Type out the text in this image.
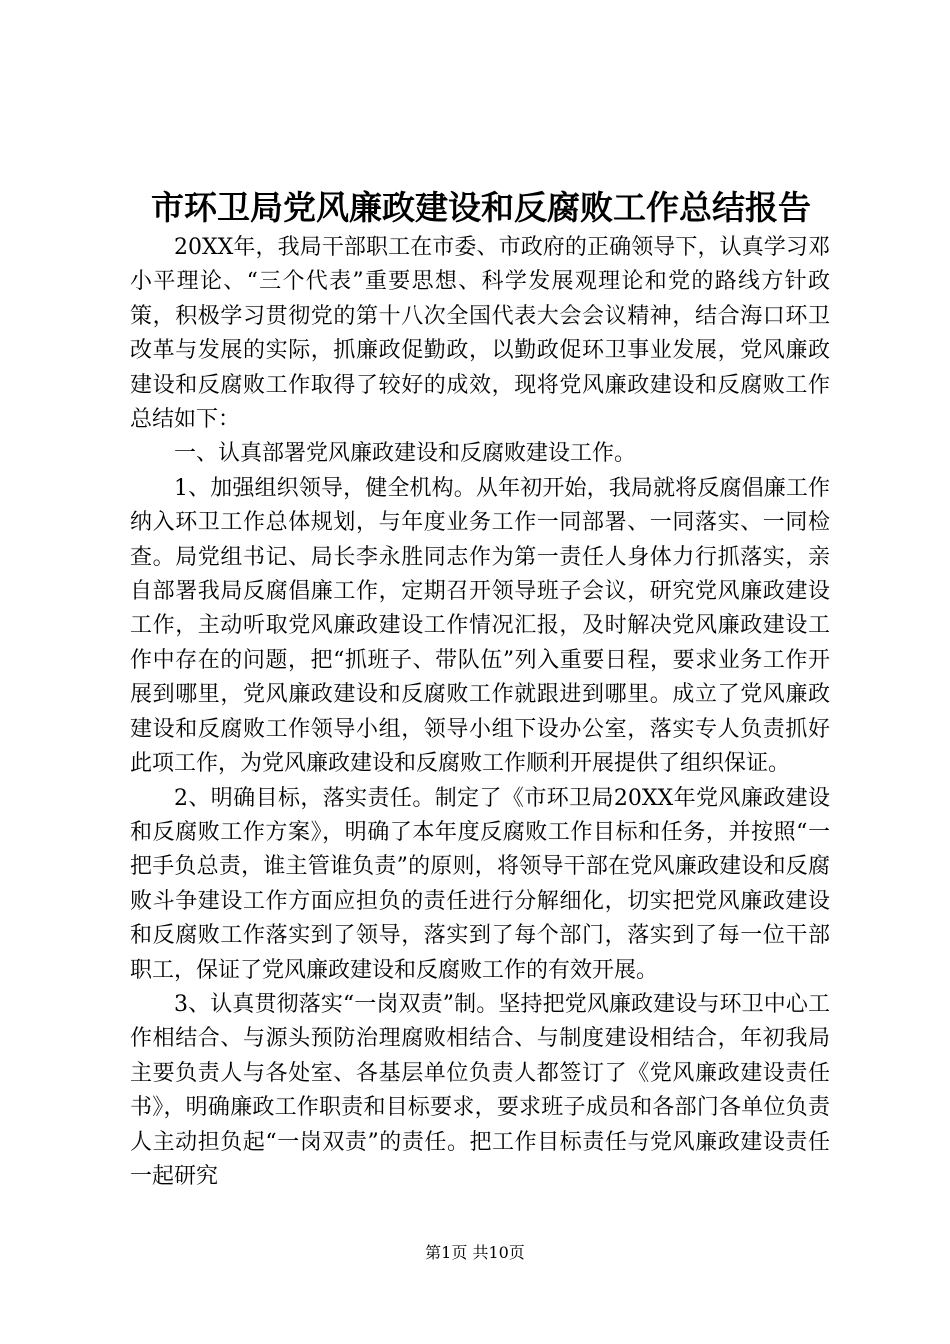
市环卫局党风廉政建设和反腐败工作总结报告

20XX年，我局干部职工在市委、市政府的正确领导下，认真学习邓小平理论、“三个代表”重要思想、科学发展观理论和党的路线方针政策，积极学习贯彻党的第十八次全国代表大会会议精神，结合海口环卫改革与发展的实际，抓廉政促勤政，以勤政促环卫事业发展，党风廉政建设和反腐败工作取得了较好的成效，现将党风廉政建设和反腐败工作总结如下：

一、认真部署党风廉政建设和反腐败建设工作。

1、加强组织领导，健全机构。从年初开始，我局就将反腐倡廉工作纳入环卫工作总体规划，与年度业务工作一同部署、一同落实、一同检查。局党组书记、局长李永胜同志作为第一责任人身体力行抓落实，亲自部署我局反腐倡廉工作，定期召开领导班子会议，研究党风廉政建设工作，主动听取党风廉政建设工作情况汇报，及时解决党风廉政建设工作中存在的问题，把“抓班子、带队伍”列入重要日程，要求业务工作开展到哪里，党风廉政建设和反腐败工作就跟进到哪里。成立了党风廉政建设和反腐败工作领导小组，领导小组下设办公室，落实专人负责抓好此项工作，为党风廉政建设和反腐败工作顺利开展提供了组织保证。

2、明确目标，落实责任。制定了《市环卫局20XX年党风廉政建设和反腐败工作方案》，明确了本年度反腐败工作目标和任务，并按照“一把手负总责，谁主管谁负责”的原则，将领导干部在党风廉政建设和反腐败斗争建设工作方面应担负的责任进行分解细化，切实把党风廉政建设和反腐败工作落实到了领导，落实到了每个部门，落实到了每一位干部职工，保证了党风廉政建设和反腐败工作的有效开展。

3、认真贯彻落实“一岗双责”制。坚持把党风廉政建设与环卫中心工作相结合、与源头预防治理腐败相结合、与制度建设相结合，年初我局主要负责人与各处室、各基层单位负责人都签订了《党风廉政建设责任书》，明确廉政工作职责和目标要求，要求班子成员和各部门各单位负责人主动担负起“一岗双责”的责任。把工作目标责任与党风廉政建设责任一起研究

第1页 共10页
